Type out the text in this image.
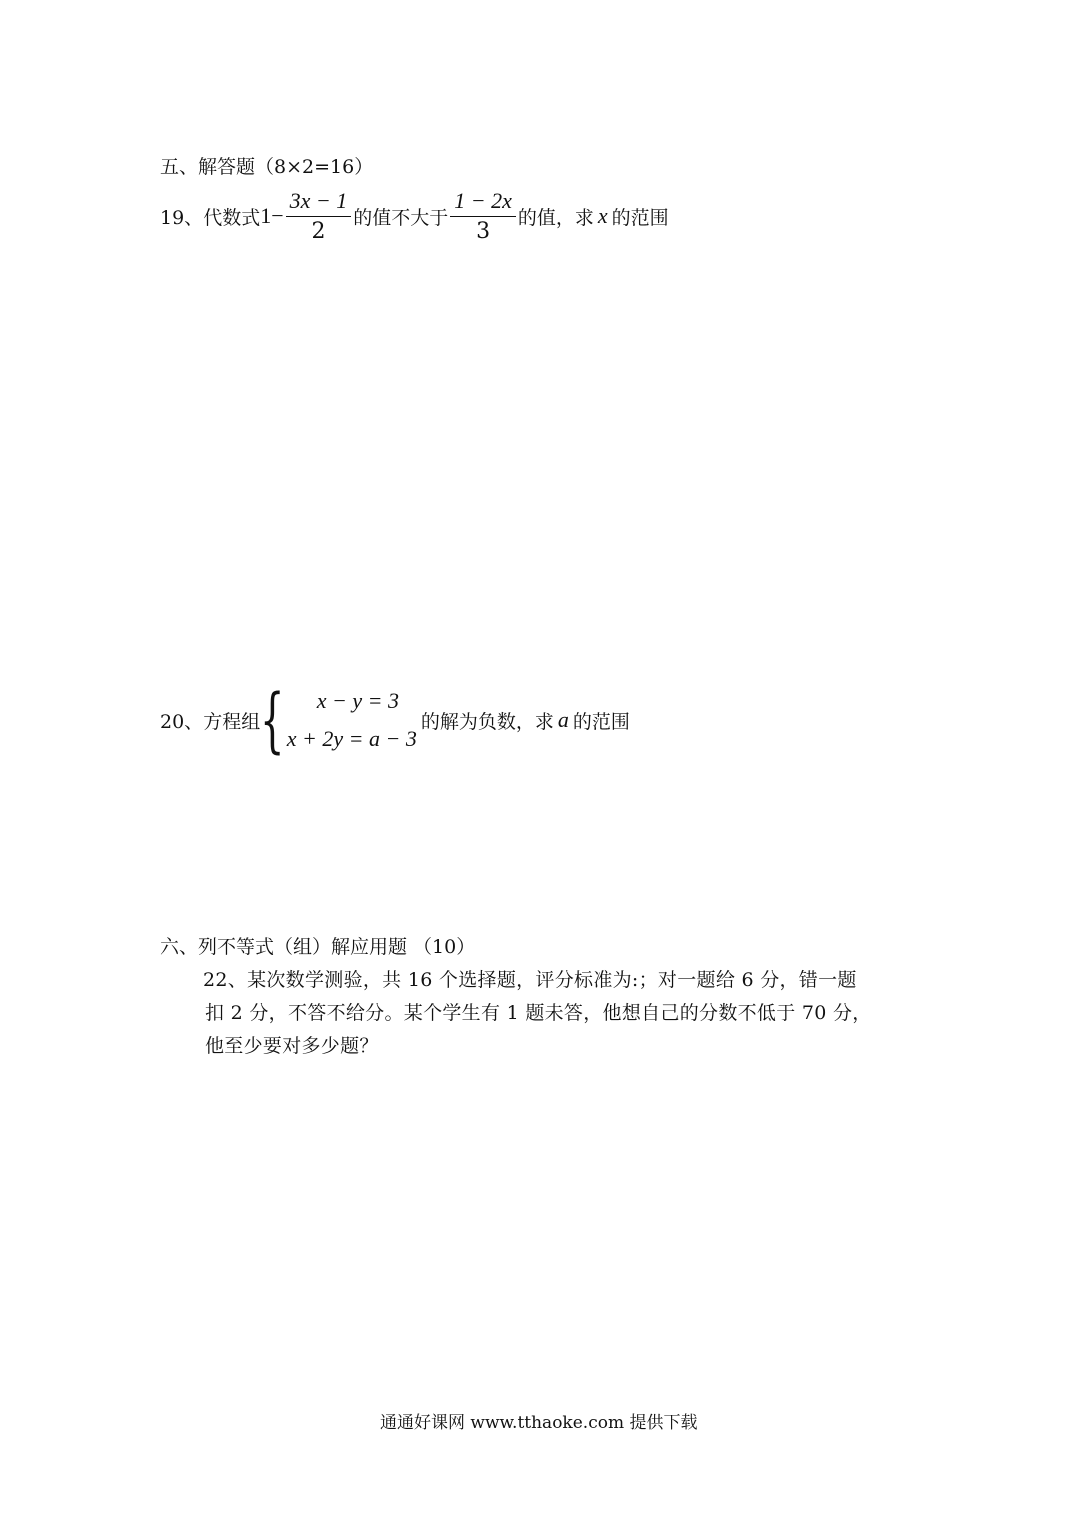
五、解答题（8×2=16）
19、 代数式 $1 - \frac{3x - 1}{2}$ 的值不大于 $\frac{1 - 2x}{3}$ 的值，求 x 的范围
20、 方程组 {	x − y = 3
x + 2y = a − 3
的解为负数，求 a 的范围
六、列不等式（组）解应用题 （10）
22、某次数学测验，共 16 个选择题，评分标准为:；对一题给 6 分，错一题
扣 2 分，不答不给分。某个学生有 1 题未答，他想自己的分数不低于 70 分，
他至少要对多少题？
通通好课网 www.tthaoke.com 提供下载
